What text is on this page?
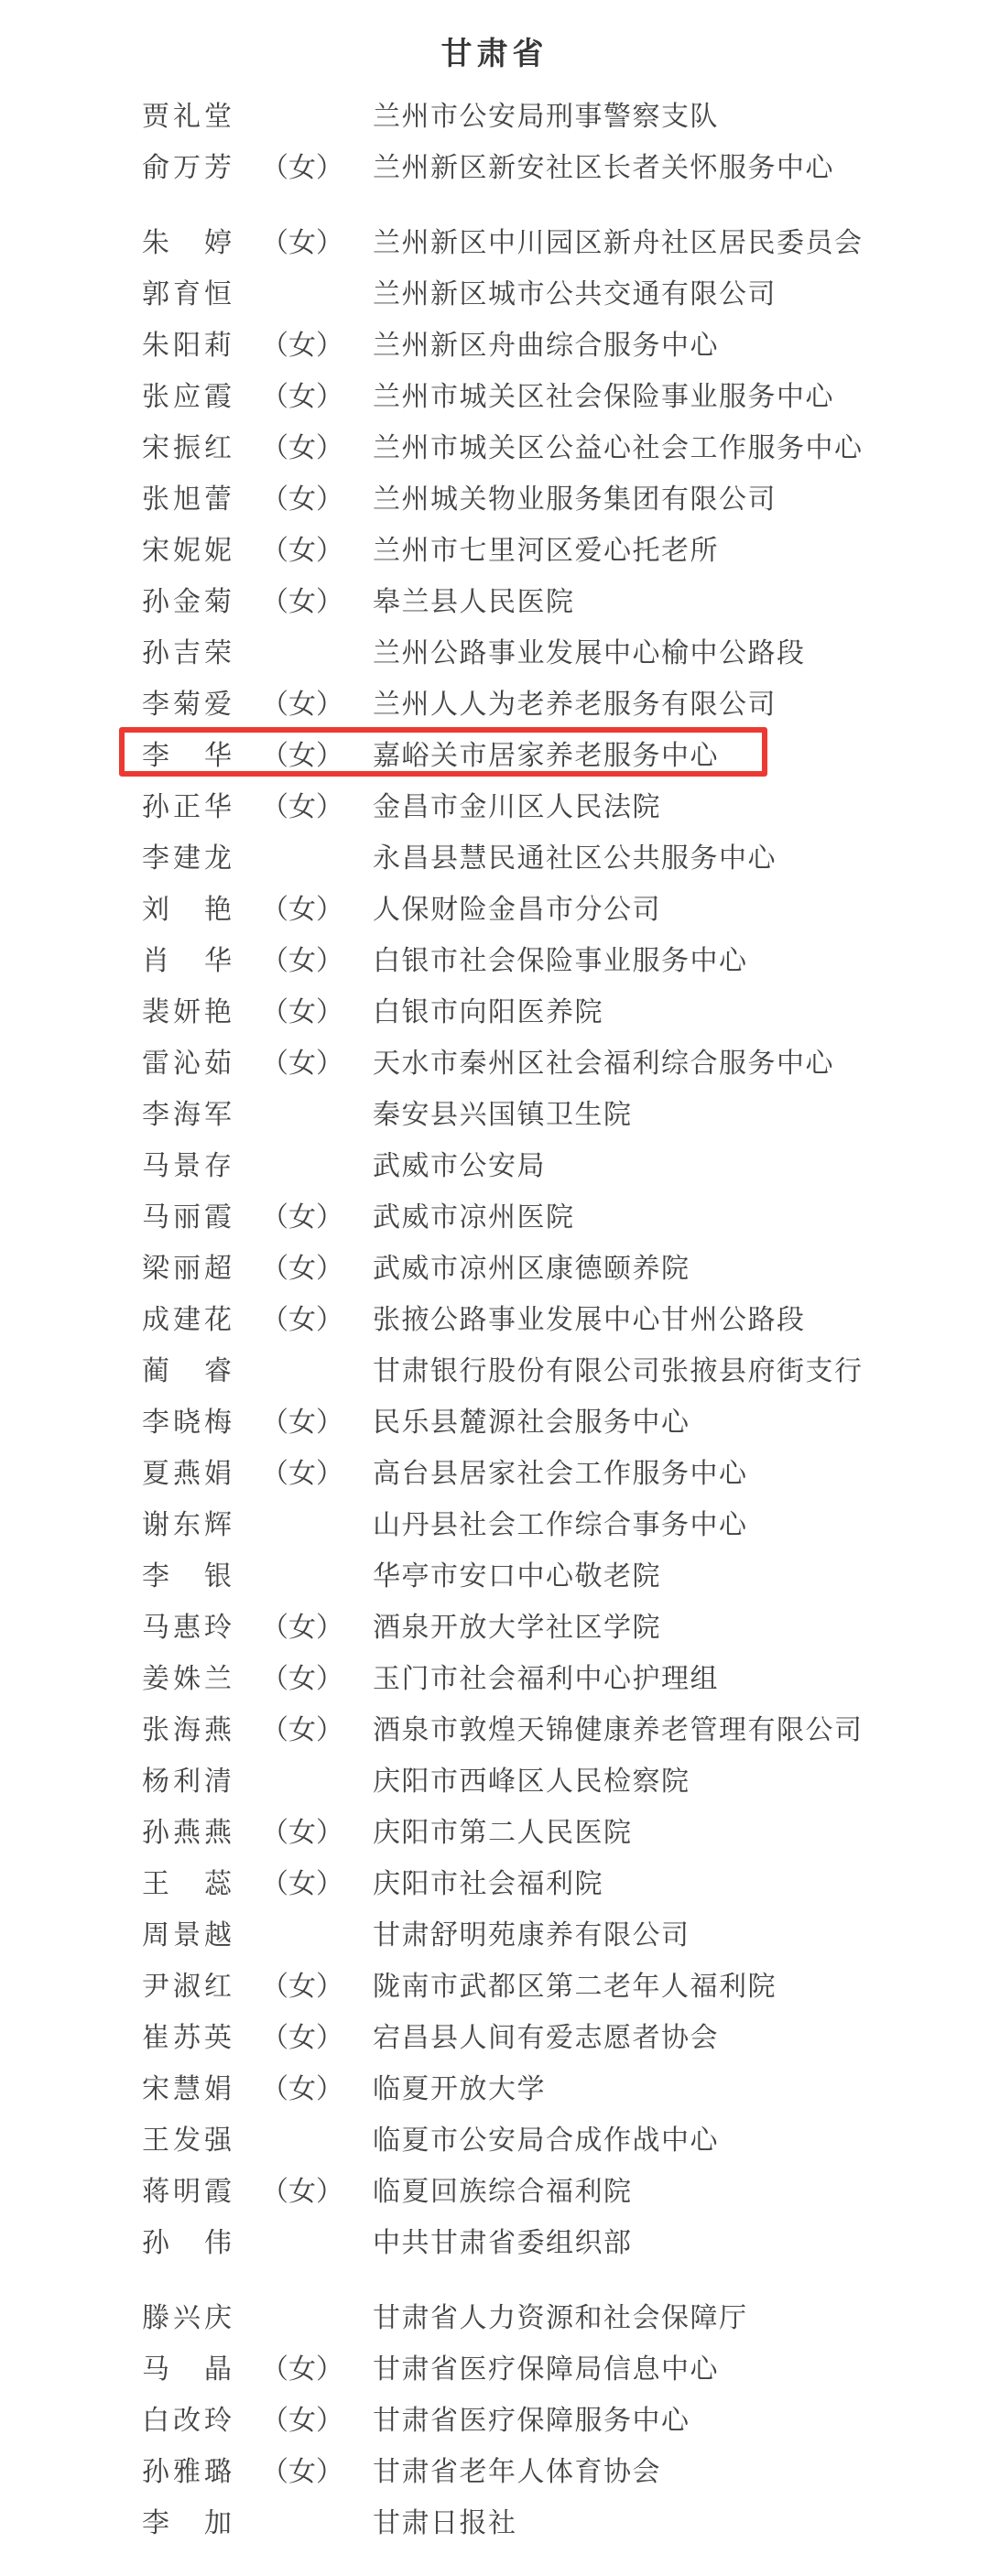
甘肃省
贾礼堂	兰州市公安局刑事警察支队
俞万芳 （女） 兰州新区新安社区长者关怀服务中心
朱　婷 （女） 兰州新区中川园区新舟社区居民委员会
郭育恒	兰州新区城市公共交通有限公司
朱阳莉 （女） 兰州新区舟曲综合服务中心
张应霞 （女） 兰州市城关区社会保险事业服务中心
宋振红 （女） 兰州市城关区公益心社会工作服务中心
张旭蕾 （女） 兰州城关物业服务集团有限公司
宋妮妮 （女） 兰州市七里河区爱心托老所
孙金菊 （女） 皋兰县人民医院
孙吉荣	兰州公路事业发展中心榆中公路段
李菊爱 （女） 兰州人人为老养老服务有限公司
李　华 （女） 嘉峪关市居家养老服务中心
孙正华 （女） 金昌市金川区人民法院
李建龙	永昌县慧民通社区公共服务中心
刘　艳 （女） 人保财险金昌市分公司
肖　华 （女） 白银市社会保险事业服务中心
裴妍艳 （女） 白银市向阳医养院
雷沁茹 （女） 天水市秦州区社会福利综合服务中心
李海军	秦安县兴国镇卫生院
马景存	武威市公安局
马丽霞 （女） 武威市凉州医院
梁丽超 （女） 武威市凉州区康德颐养院
成建花 （女） 张掖公路事业发展中心甘州公路段
蔺　睿	甘肃银行股份有限公司张掖县府街支行
李晓梅 （女） 民乐县麓源社会服务中心
夏燕娟 （女） 高台县居家社会工作服务中心
谢东辉	山丹县社会工作综合事务中心
李　银	华亭市安口中心敬老院
马惠玲 （女） 酒泉开放大学社区学院
姜姝兰 （女） 玉门市社会福利中心护理组
张海燕 （女） 酒泉市敦煌天锦健康养老管理有限公司
杨利清	庆阳市西峰区人民检察院
孙燕燕 （女） 庆阳市第二人民医院
王　蕊 （女） 庆阳市社会福利院
周景越	甘肃舒明苑康养有限公司
尹淑红 （女） 陇南市武都区第二老年人福利院
崔苏英 （女） 宕昌县人间有爱志愿者协会
宋慧娟 （女） 临夏开放大学
王发强	临夏市公安局合成作战中心
蒋明霞 （女） 临夏回族综合福利院
孙　伟	中共甘肃省委组织部
滕兴庆	甘肃省人力资源和社会保障厅
马　晶 （女） 甘肃省医疗保障局信息中心
白改玲 （女） 甘肃省医疗保障服务中心
孙雅璐 （女） 甘肃省老年人体育协会
李　加	甘肃日报社
